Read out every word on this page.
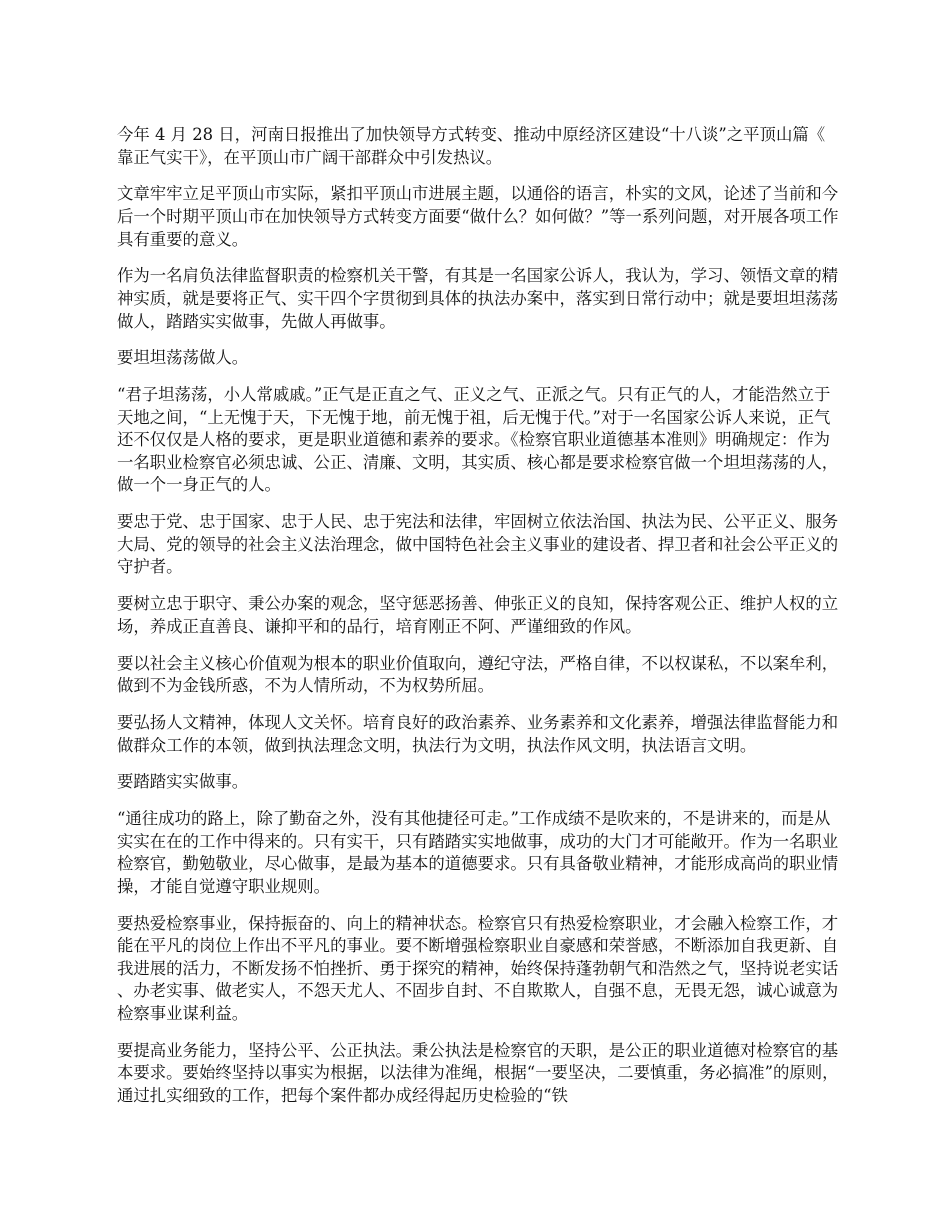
今年 4 月 28 日，河南日报推出了加快领导方式转变、推动中原经济区建设“十八谈”之平顶山篇《靠正气实干》，在平顶山市广阔干部群众中引发热议。

文章牢牢立足平顶山市实际，紧扣平顶山市进展主题，以通俗的语言，朴实的文风，论述了当前和今后一个时期平顶山市在加快领导方式转变方面要“做什么？如何做？”等一系列问题，对开展各项工作具有重要的意义。

作为一名肩负法律监督职责的检察机关干警，有其是一名国家公诉人，我认为，学习、领悟文章的精神实质，就是要将正气、实干四个字贯彻到具体的执法办案中，落实到日常行动中；就是要坦坦荡荡做人，踏踏实实做事，先做人再做事。

要坦坦荡荡做人。

“君子坦荡荡，小人常戚戚。”正气是正直之气、正义之气、正派之气。只有正气的人，才能浩然立于天地之间，“上无愧于天，下无愧于地，前无愧于祖，后无愧于代。”对于一名国家公诉人来说，正气还不仅仅是人格的要求，更是职业道德和素养的要求。《检察官职业道德基本准则》明确规定：作为一名职业检察官必须忠诚、公正、清廉、文明，其实质、核心都是要求检察官做一个坦坦荡荡的人，做一个一身正气的人。

要忠于党、忠于国家、忠于人民、忠于宪法和法律，牢固树立依法治国、执法为民、公平正义、服务大局、党的领导的社会主义法治理念，做中国特色社会主义事业的建设者、捍卫者和社会公平正义的守护者。

要树立忠于职守、秉公办案的观念，坚守惩恶扬善、伸张正义的良知，保持客观公正、维护人权的立场，养成正直善良、谦抑平和的品行，培育刚正不阿、严谨细致的作风。

要以社会主义核心价值观为根本的职业价值取向，遵纪守法，严格自律，不以权谋私，不以案牟利，做到不为金钱所惑，不为人情所动，不为权势所屈。

要弘扬人文精神，体现人文关怀。培育良好的政治素养、业务素养和文化素养，增强法律监督能力和做群众工作的本领，做到执法理念文明，执法行为文明，执法作风文明，执法语言文明。

要踏踏实实做事。

“通往成功的路上，除了勤奋之外，没有其他捷径可走。”工作成绩不是吹来的，不是讲来的，而是从实实在在的工作中得来的。只有实干，只有踏踏实实地做事，成功的大门才可能敞开。作为一名职业检察官，勤勉敬业，尽心做事，是最为基本的道德要求。只有具备敬业精神，才能形成高尚的职业情操，才能自觉遵守职业规则。

要热爱检察事业，保持振奋的、向上的精神状态。检察官只有热爱检察职业，才会融入检察工作，才能在平凡的岗位上作出不平凡的事业。要不断增强检察职业自豪感和荣誉感，不断添加自我更新、自我进展的活力，不断发扬不怕挫折、勇于探究的精神，始终保持蓬勃朝气和浩然之气，坚持说老实话、办老实事、做老实人，不怨天尤人、不固步自封、不自欺欺人，自强不息，无畏无怨，诚心诚意为检察事业谋利益。

要提高业务能力，坚持公平、公正执法。秉公执法是检察官的天职，是公正的职业道德对检察官的基本要求。要始终坚持以事实为根据，以法律为准绳，根据“一要坚决，二要慎重，务必搞准”的原则，通过扎实细致的工作，把每个案件都办成经得起历史检验的“铁
